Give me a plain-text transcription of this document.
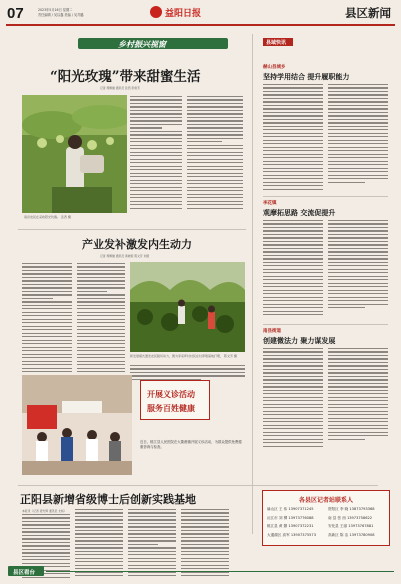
07	2023年5月16日 星期二
责任编辑 / 吴以鑫 美编 / 吴苏璐	益阳日报	县区新闻
乡村振兴视窗
“阳光玫瑰”带来甜蜜生活
记者 周佩璇 通讯员 张西 彭艳芳
南县农民在采收阳光玫瑰。 张西 摄
产业发补激发内生动力
记者 周佩璇 通讯员 黄晓莉 陈文芳 刘毅
新发展模式激发农民脱贫动力，图为李家坪村村民在村养殖基地打理， 陈文芳 摄
开展义诊活动
服务百姓健康
近日，桃江县人民医院在大栗港镇开展义诊活动，为群众提供免费健康咨询与检查。
正阳县新增省级博士后创新实践基地
本报讯（记者 谭光辉 通讯员 尤杨）
县域快讯
赫山县城乡
坚持学用结合 提升履职能力
李花镇
观摩拓思路 交流促提升
南县街道
创建微法力 聚力谋发展
各县区记者站联系人
赫山区 王 伟 13907371245	资阳区 李 晓 13873793368
沅江市 刘 柳 13973776088	南 县 张 西 13973758622
桃江县 黄 颢 13907372231	安化县 王丽 13973767881
大通湖区 高军 13907375573	高新区 陈 洁 13973780908
县区看台
